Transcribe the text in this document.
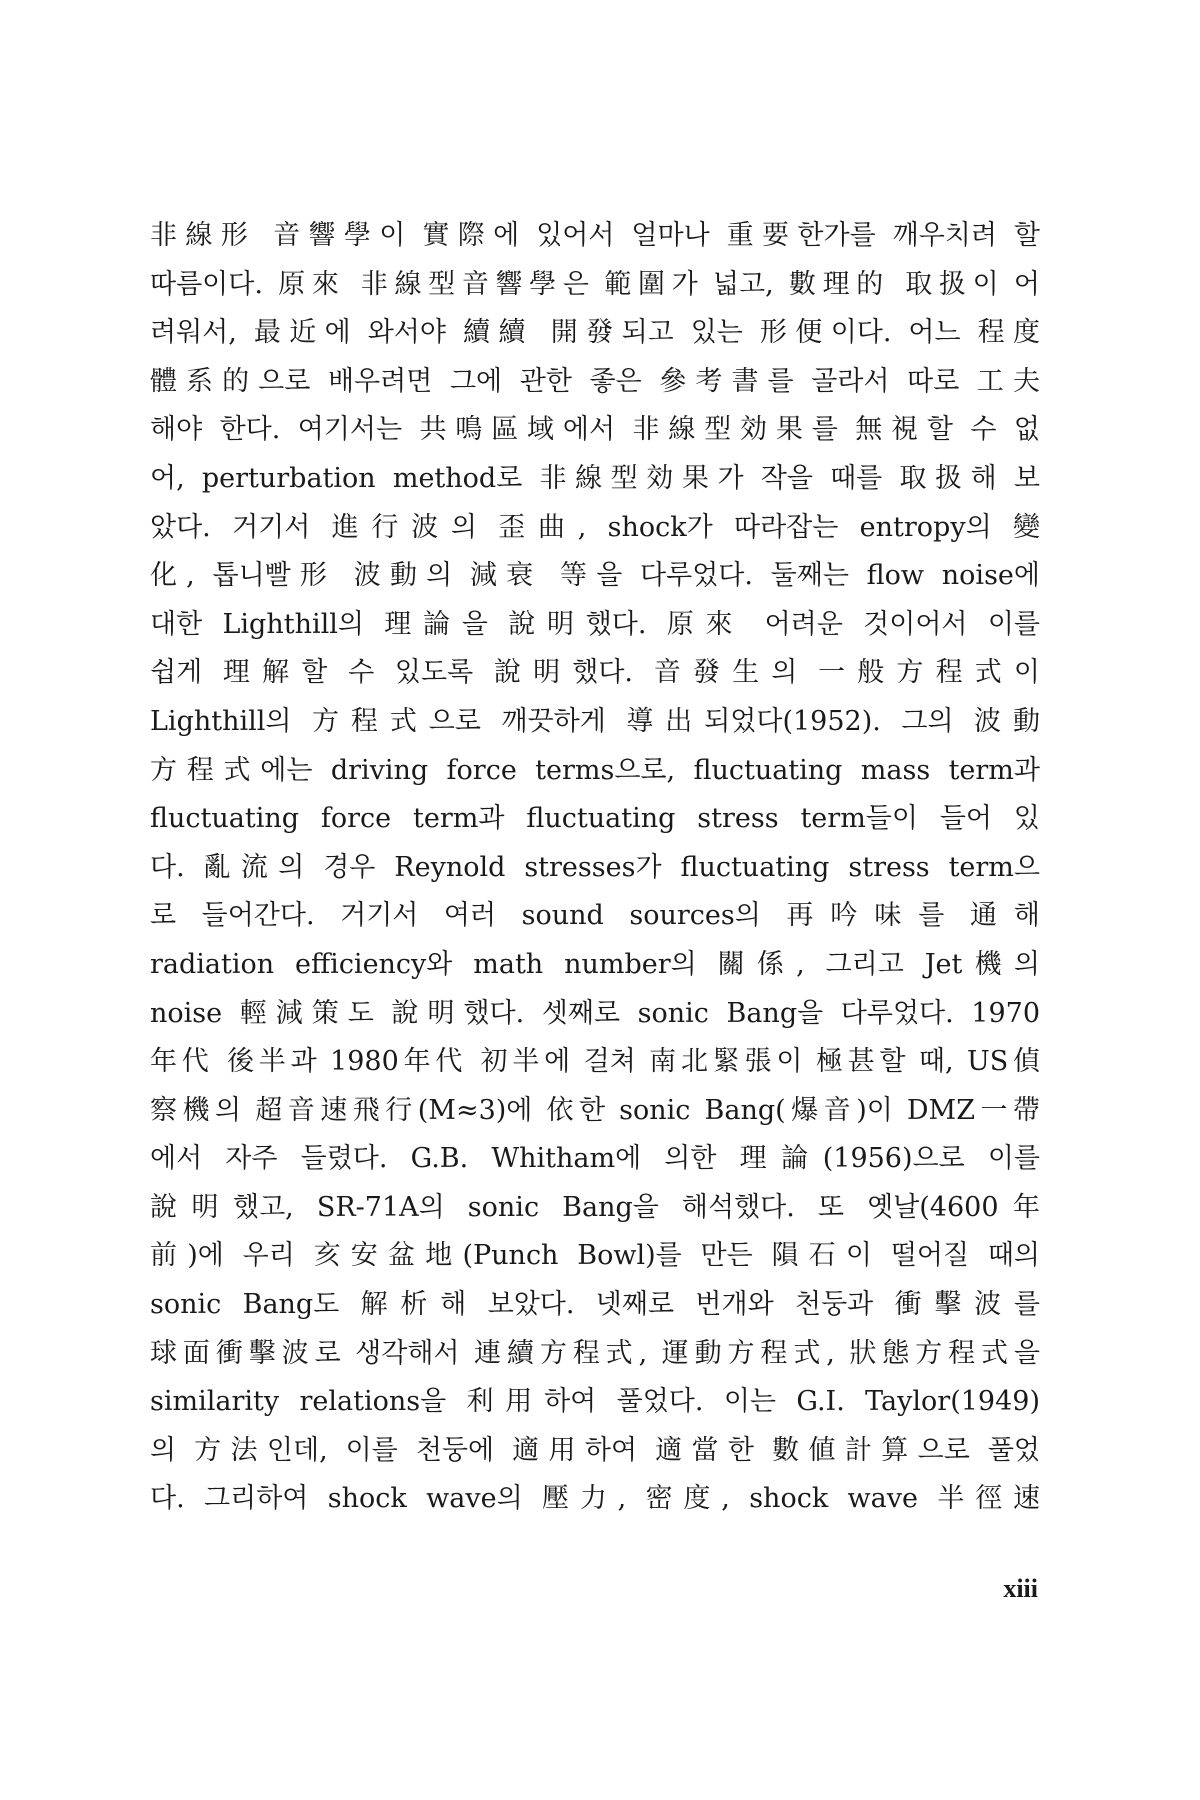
非線形 音響學이 實際에 있어서 얼마나 重要한가를 깨우치려 할
따름이다. 原來 非線型音響學은 範圍가 넓고, 數理的 取扱이 어
려워서, 最近에 와서야 續續 開發되고 있는 形便이다. 어느 程度
體系的으로 배우려면 그에 관한 좋은 參考書를 골라서 따로 工夫
해야 한다. 여기서는 共鳴區域에서 非線型効果를 無視할 수 없
어, perturbation method로 非線型効果가 작을 때를 取扱해 보
았다. 거기서 進行波의 歪曲, shock가 따라잡는 entropy의 變
化, 톱니빨形 波動의 減衰 等을 다루었다. 둘째는 flow noise에
대한 Lighthill의 理論을 說明했다. 原來 어려운 것이어서 이를
쉽게 理解할 수 있도록 說明했다. 音發生의 一般方程式이
Lighthill의 方程式으로 깨끗하게 導出되었다(1952). 그의 波動
方程式에는 driving force terms으로, fluctuating mass term과
fluctuating force term과 fluctuating stress term들이 들어 있
다. 亂流의 경우 Reynold stresses가 fluctuating stress term으
로 들어간다. 거기서 여러 sound sources의 再吟味를 通해
radiation efficiency와 math number의 關係, 그리고 Jet機의
noise 輕減策도 說明했다. 셋째로 sonic Bang을 다루었다. 1970
年代 後半과 1980年代 初半에 걸쳐 南北緊張이 極甚할 때, US偵
察機의 超音速飛行(M≈3)에 依한 sonic Bang(爆音)이 DMZ一帶
에서 자주 들렸다. G.B. Whitham에 의한 理論(1956)으로 이를
說明했고, SR-71A의 sonic Bang을 해석했다. 또 옛날(4600年
前)에 우리 亥安盆地(Punch Bowl)를 만든 隕石이 떨어질 때의
sonic Bang도 解析해 보았다. 넷째로 번개와 천둥과 衝擊波를
球面衝擊波로 생각해서 連續方程式, 運動方程式, 狀態方程式을
similarity relations을 利用하여 풀었다. 이는 G.I. Taylor(1949)
의 方法인데, 이를 천둥에 適用하여 適當한 數値計算으로 풀었
다. 그리하여 shock wave의 壓力, 密度, shock wave 半徑速
xiii
